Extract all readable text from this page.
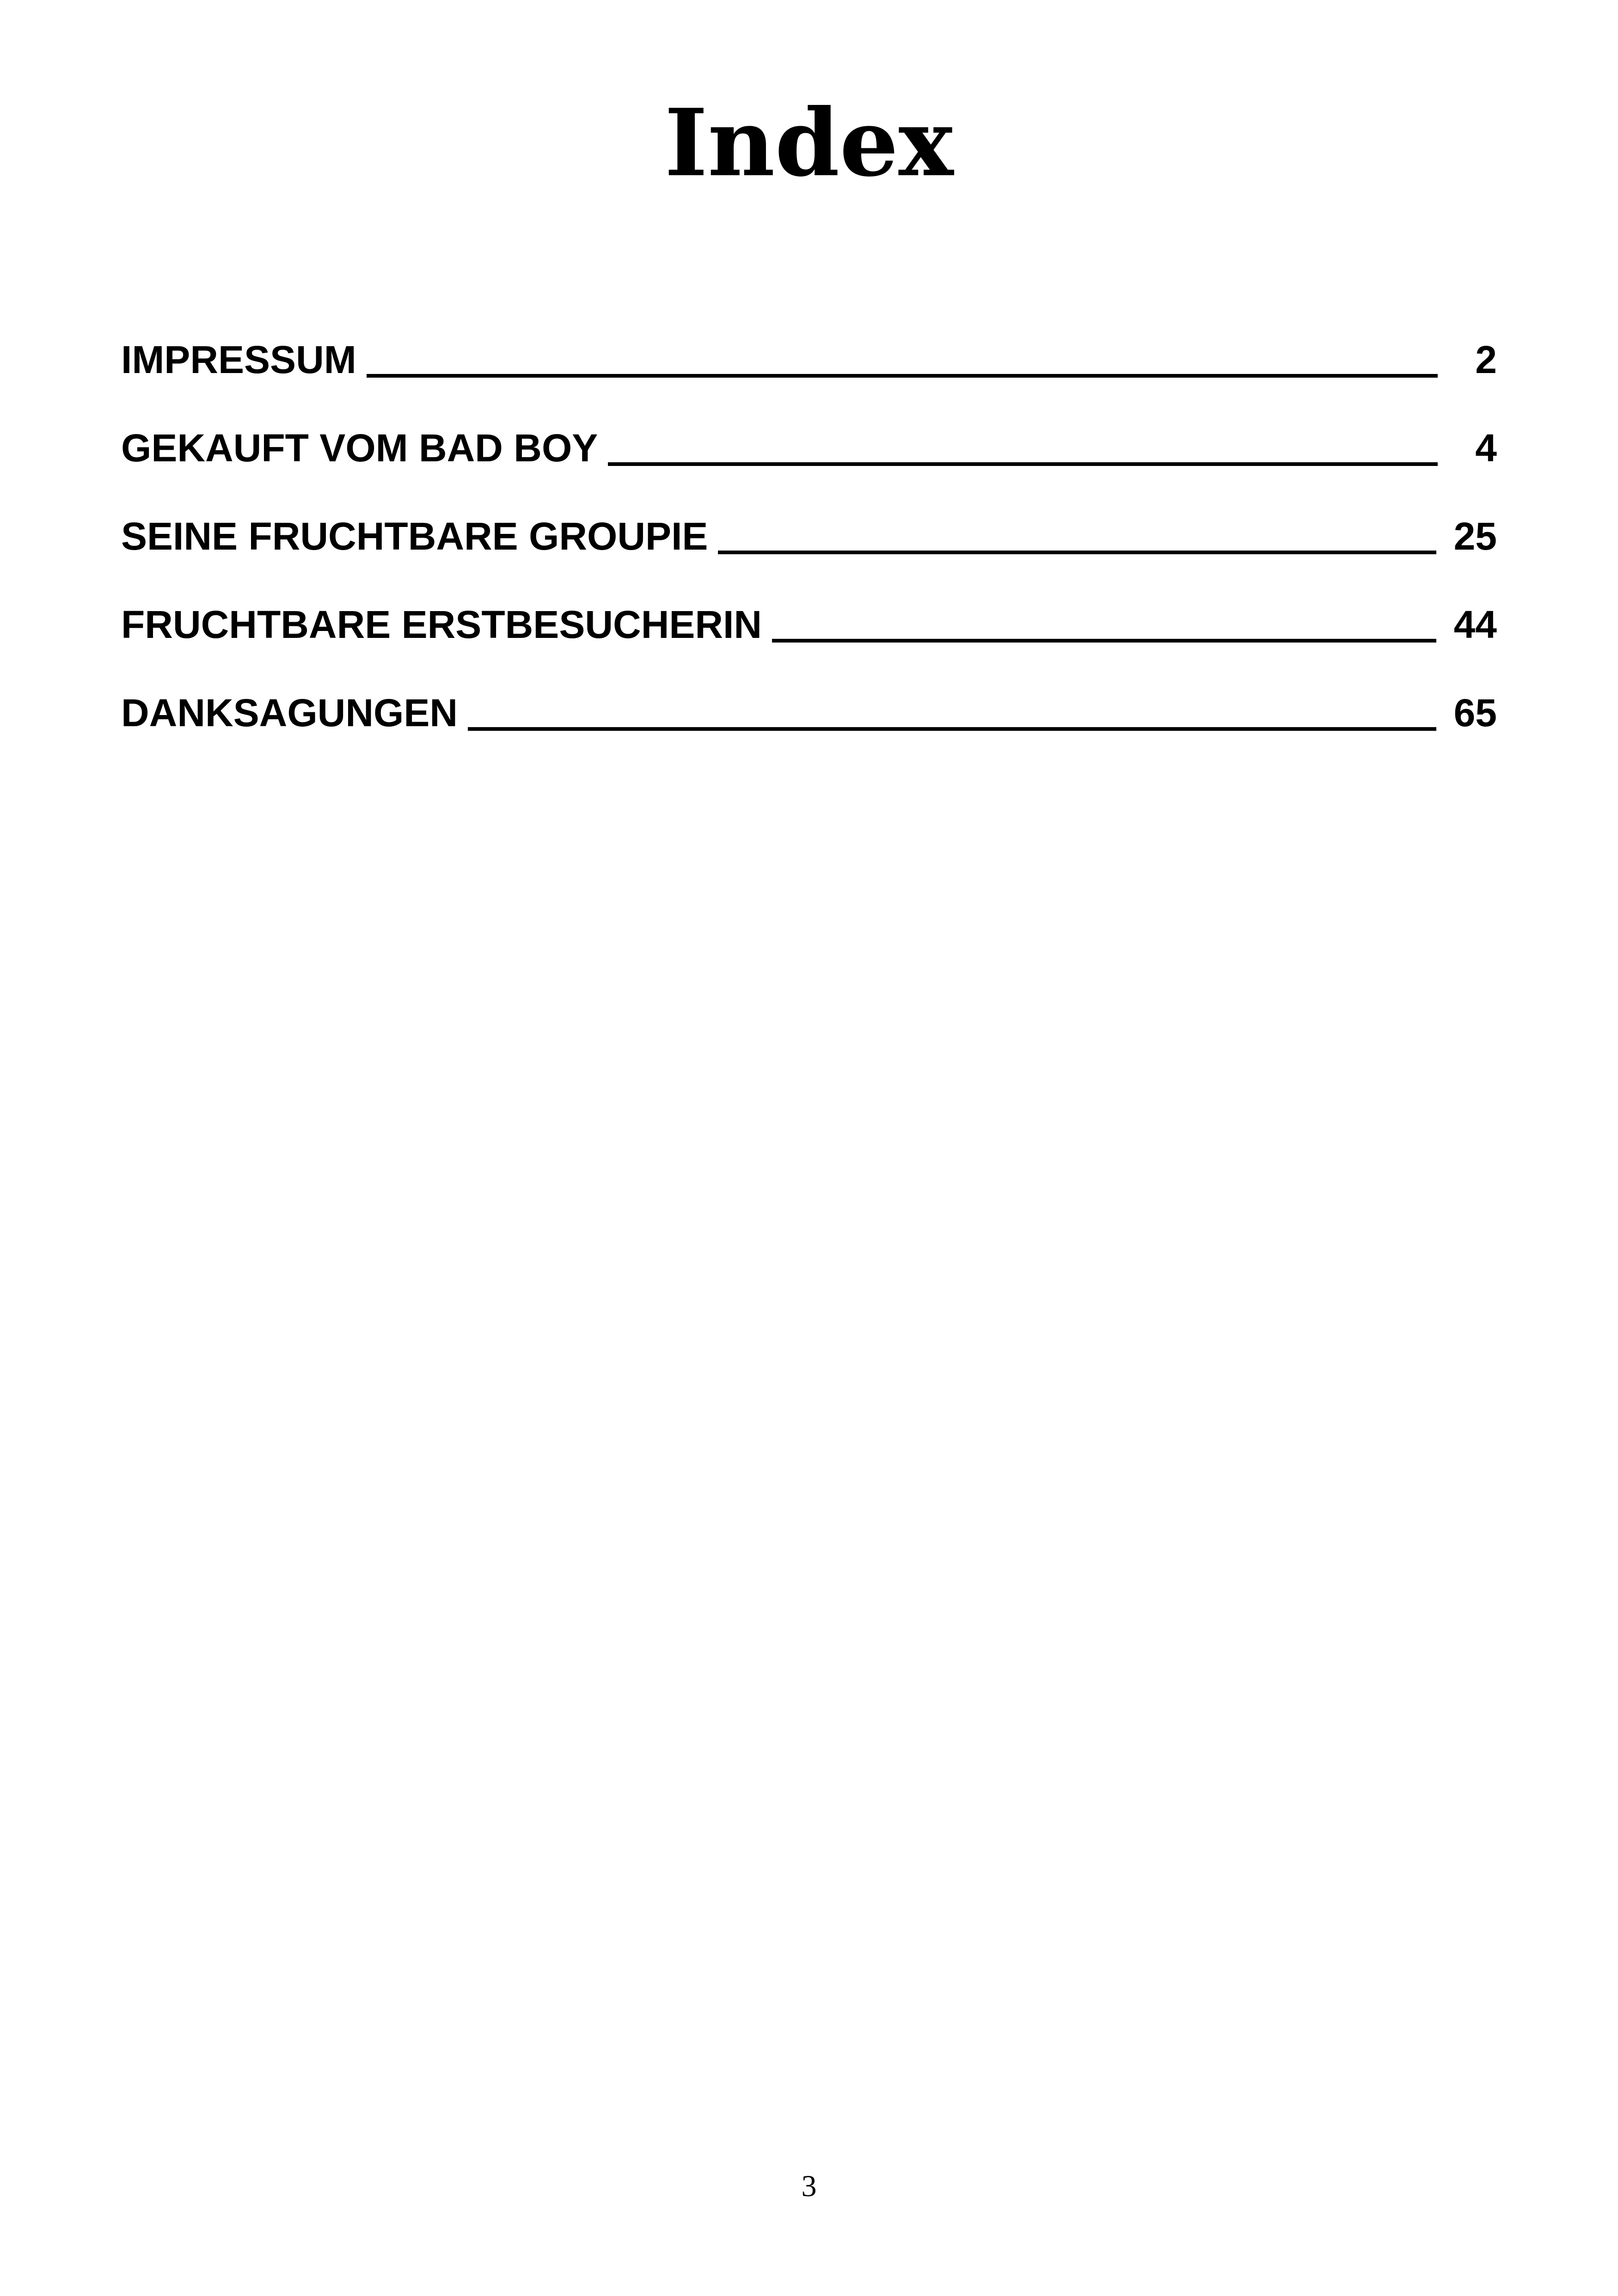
Index
IMPRESSUM	2
GEKAUFT VOM BAD BOY	4
SEINE FRUCHTBARE GROUPIE	25
FRUCHTBARE ERSTBESUCHERIN	44
DANKSAGUNGEN	65
3
